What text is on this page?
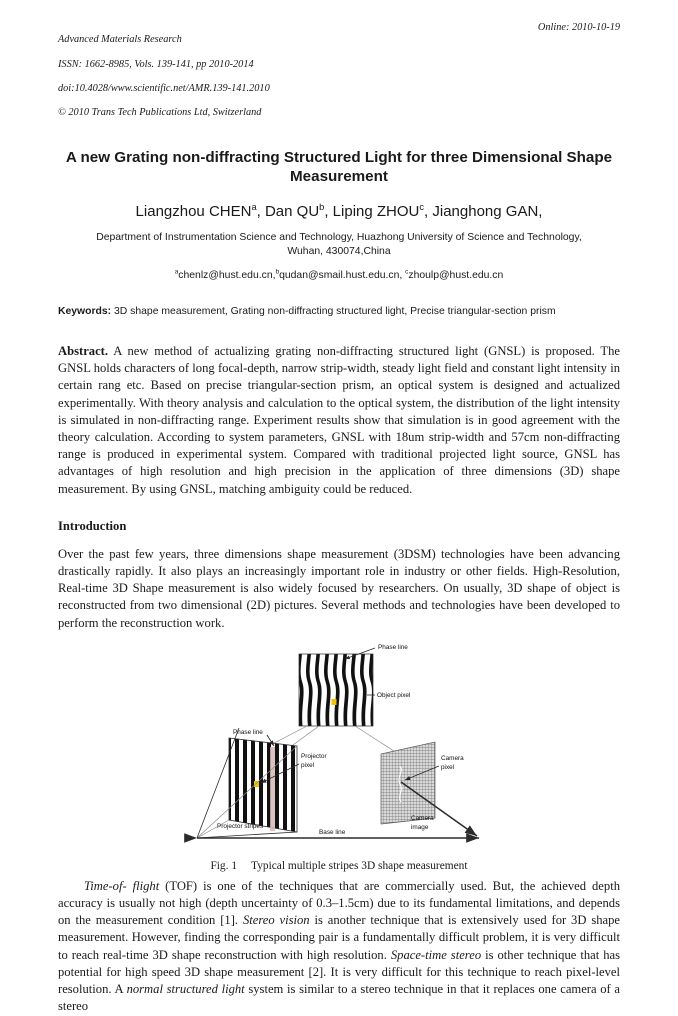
Advanced Materials Research

ISSN: 1662-8985, Vols. 139-141, pp 2010-2014

doi:10.4028/www.scientific.net/AMR.139-141.2010

© 2010 Trans Tech Publications Ltd, Switzerland

Online: 2010-10-19
A new Grating non-diffracting Structured Light for three Dimensional Shape Measurement
Liangzhou CHEN$^a$, Dan $QU^b$, Liping ZHOU$^c$, Jianghong GAN,
Department of Instrumentation Science and Technology, Huazhong University of Science and Technology, Wuhan, 430074,China
$^a$chenlz@hust.edu.cn,$^b$qudan@smail.hust.edu.cn, $^c$zhoulp@hust.edu.cn
Keywords: 3D shape measurement, Grating non-diffracting structured light, Precise triangular-section prism
Abstract. A new method of actualizing grating non-diffracting structured light (GNSL) is proposed. The GNSL holds characters of long focal-depth, narrow strip-width, steady light field and constant light intensity in certain rang etc. Based on precise triangular-section prism, an optical system is designed and actualized experimentally. With theory analysis and calculation to the optical system, the distribution of the light intensity is simulated in non-diffracting range. Experiment results show that simulation is in good agreement with the theory calculation. According to system parameters, GNSL with 18um strip-width and 57cm non-diffracting range is produced in experimental system. Compared with traditional projected light source, GNSL has advantages of high resolution and high precision in the application of three dimensions (3D) shape measurement. By using GNSL, matching ambiguity could be reduced.
Introduction

Over the past few years, three dimensions shape measurement (3DSM) technologies have been advancing drastically rapidly. It also plays an increasingly important role in industry or other fields. High-Resolution, Real-time 3D Shape measurement is also widely focused by researchers. On usually, 3D shape of object is reconstructed from two dimensional (2D) pictures. Several methods and technologies have been developed to perform the reconstruction work.

Phase line
Object pixel
Phase line
Projector
pixel
Projector stripes
Base line
Camera
pixel
Camera
image
Fig. 1 Typical multiple stripes 3D shape measurement

Time-of- flight (TOF) is one of the techniques that are commercially used. But, the achieved depth accuracy is usually not high (depth uncertainty of 0.3–1.5cm) due to its fundamental limitations, and depends on the measurement condition [1]. Stereo vision is another technique that is extensively used for 3D shape measurement. However, finding the corresponding pair is a fundamentally difficult problem, it is very difficult to reach real-time 3D shape reconstruction with high resolution. Space-time stereo is other technique that has potential for high speed 3D shape measurement [2]. It is very difficult for this technique to reach pixel-level resolution. A normal structured light system is similar to a stereo technique in that it replaces one camera of a stereo
